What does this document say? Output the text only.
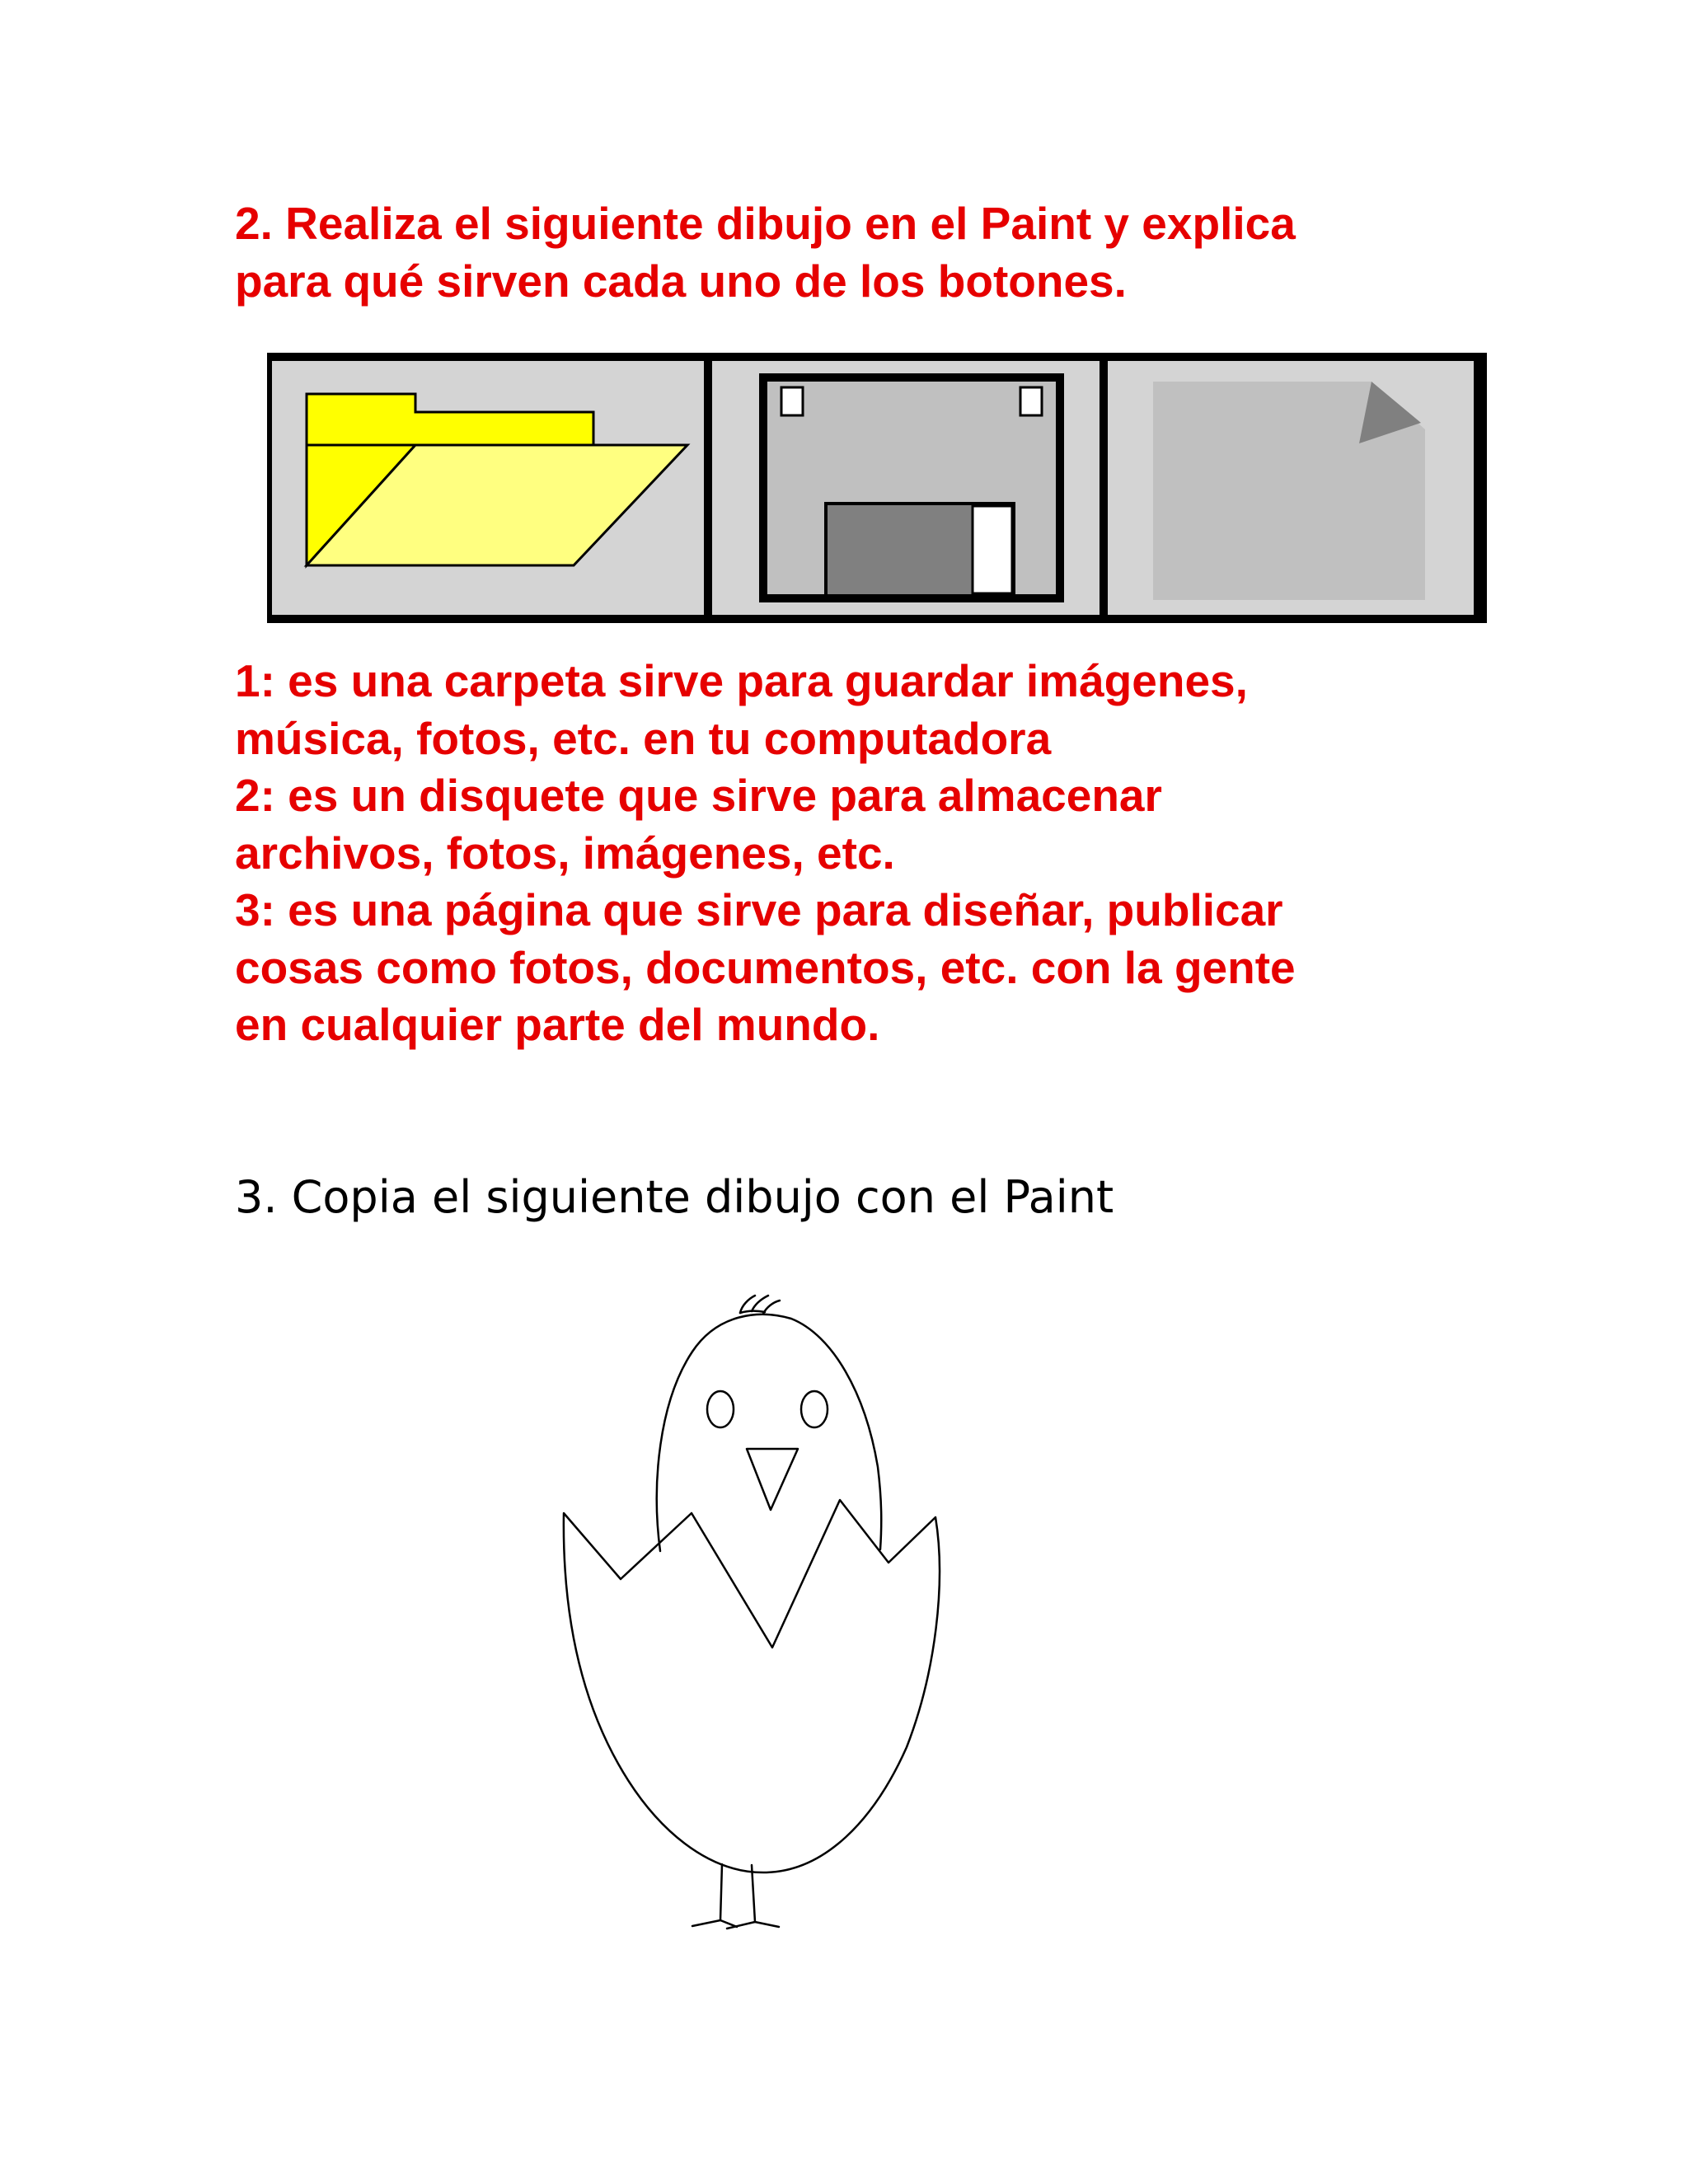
2. Realiza el siguiente dibujo en el Paint y explica
para qué sirven cada uno de los botones.
1: es una carpeta sirve para guardar imágenes,
música, fotos, etc. en tu computadora
2: es un disquete que sirve para almacenar
archivos, fotos, imágenes, etc.
3: es una página que sirve para diseñar, publicar
cosas como fotos, documentos, etc. con la gente
en cualquier parte del mundo.
3. Copia el siguiente dibujo con el Paint
